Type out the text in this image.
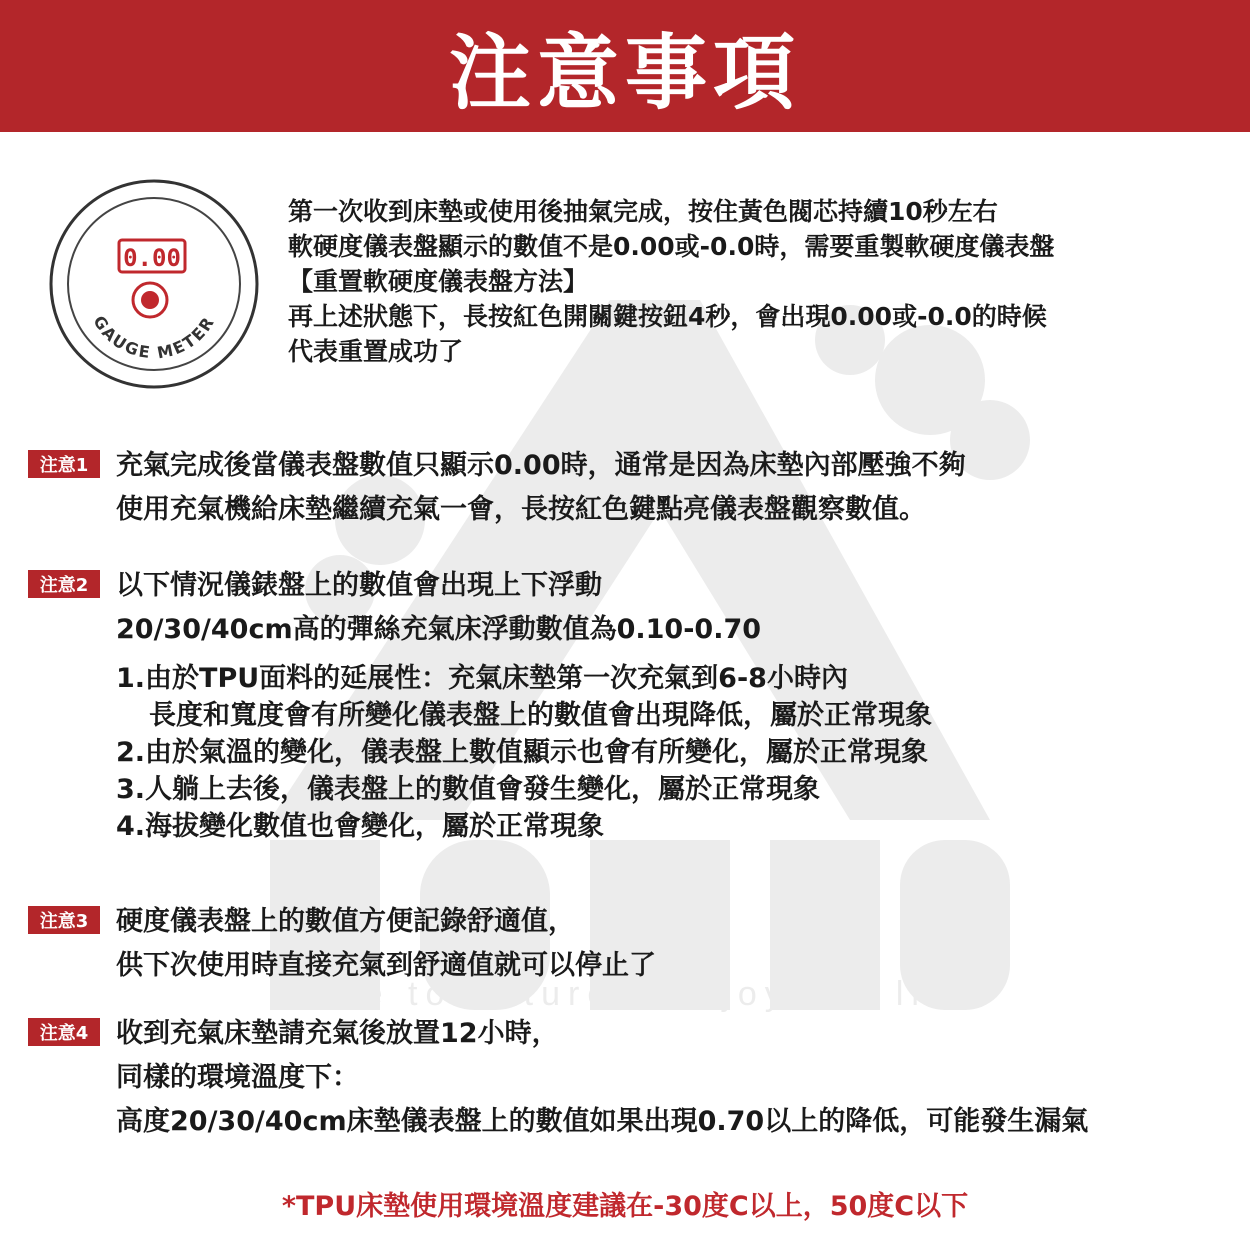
注意事項
close to nature · enjoy the life.
0.00
GAUGE METER
第一次收到床墊或使用後抽氣完成，按住黃色閥芯持續10秒左右
軟硬度儀表盤顯示的數值不是0.00或-0.0時，需要重製軟硬度儀表盤
【重置軟硬度儀表盤方法】
再上述狀態下，長按紅色開關鍵按鈕4秒，會出現0.00或-0.0的時候
代表重置成功了
注意1	充氣完成後當儀表盤數值只顯示0.00時，通常是因為床墊內部壓強不夠
使用充氣機給床墊繼續充氣一會，長按紅色鍵點亮儀表盤觀察數值。
注意2	以下情況儀錶盤上的數值會出現上下浮動
20/30/40cm高的彈絲充氣床浮動數值為0.10-0.70
1.由於TPU面料的延展性：充氣床墊第一次充氣到6-8小時內
長度和寬度會有所變化儀表盤上的數值會出現降低，屬於正常現象
2.由於氣溫的變化，儀表盤上數值顯示也會有所變化，屬於正常現象
3.人躺上去後，儀表盤上的數值會發生變化，屬於正常現象
4.海拔變化數值也會變化，屬於正常現象
注意3	硬度儀表盤上的數值方便記錄舒適值，
供下次使用時直接充氣到舒適值就可以停止了
注意4	收到充氣床墊請充氣後放置12小時，
同樣的環境溫度下：
高度20/30/40cm床墊儀表盤上的數值如果出現0.70以上的降低，可能發生漏氣
*TPU床墊使用環境溫度建議在-30度C以上，50度C以下
